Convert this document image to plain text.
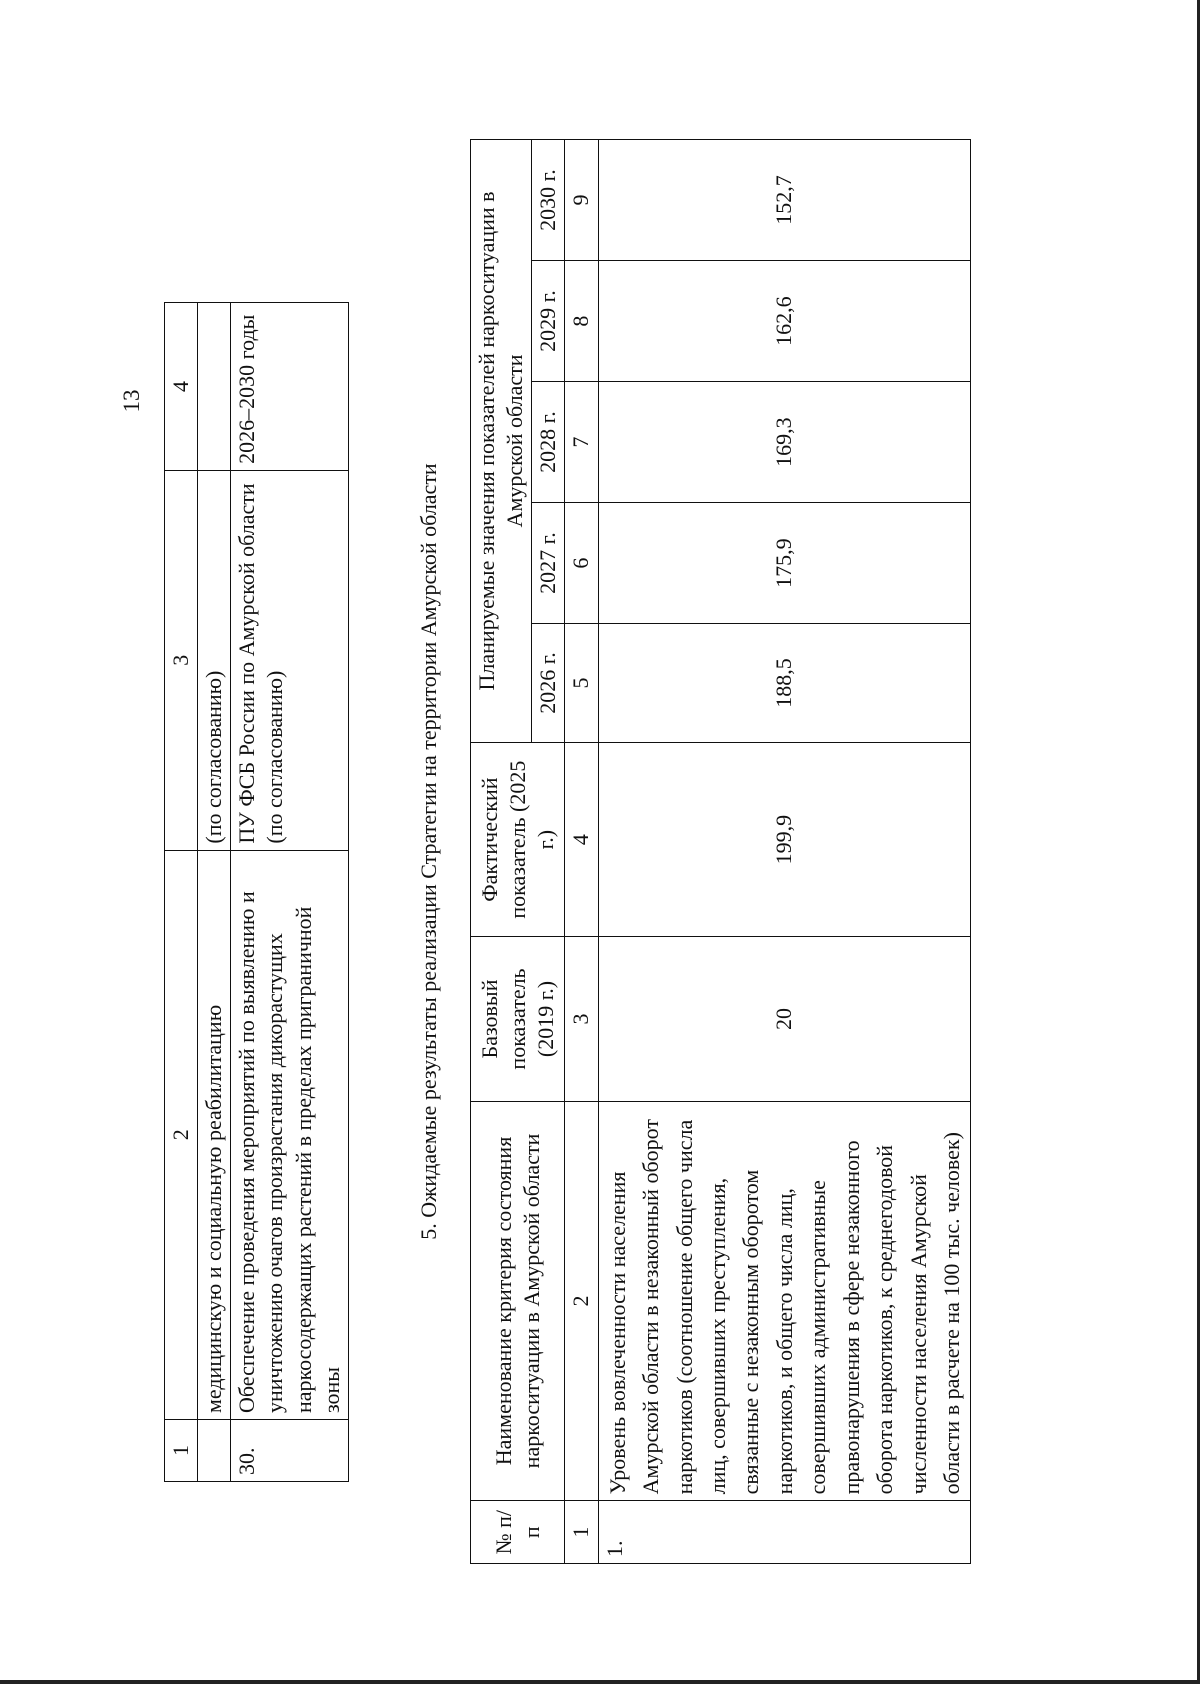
13
1	2	3	4
	медицинскую и социальную реабилитацию	(по согласованию)	
30.	Обеспечение проведения мероприятий по выявлению и уничтожению очагов произрастания дикорастущих наркосодержащих растений в пределах приграничной зоны	ПУ ФСБ России по Амурской области (по согласованию)	2026–2030 годы
5. Ожидаемые результаты реализации Стратегии на территории Амурской области
№ п/п	Наименование критерия состояния наркоситуации в Амурской области	Базовый показатель (2019 г.)	Фактический показатель (2025 г.)	Планируемые значения показателей наркоситуации в Амурской области				
				2026 г.	2027 г.	2028 г.	2029 г.	2030 г.
1	2	3	4	5	6	7	8	9
1.	Уровень вовлеченности населения Амурской области в незаконный оборот наркотиков (соотношение общего числа лиц, совершивших преступления, связанные с незаконным оборотом наркотиков, и общего числа лиц, совершивших административные правонарушения в сфере незаконного оборота наркотиков, к среднегодовой численности населения Амурской области в расчете на 100 тыс. человек)	20	199,9	188,5	175,9	169,3	162,6	152,7
